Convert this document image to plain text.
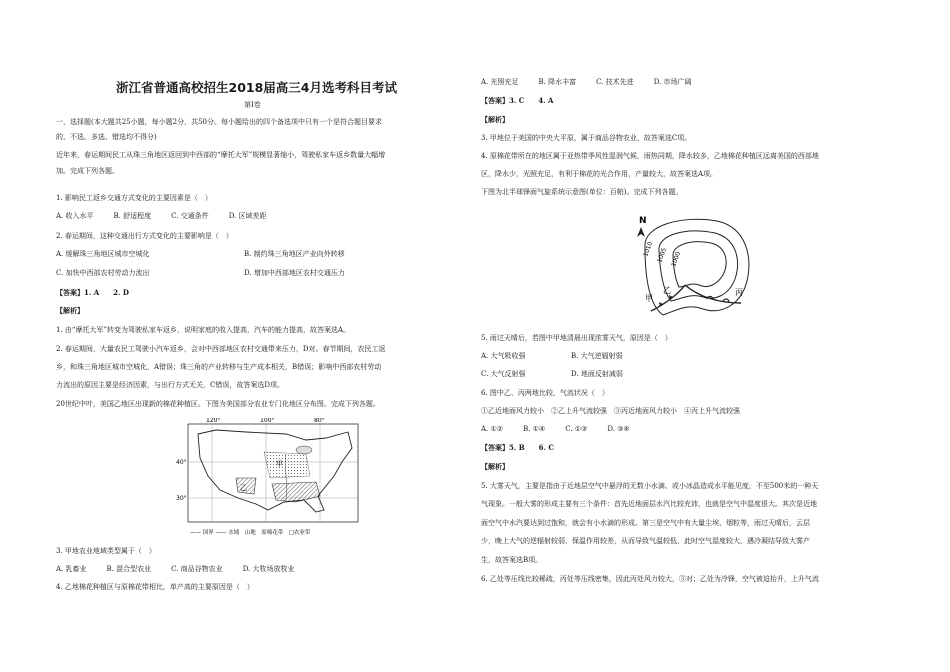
浙江省普通高校招生2018届高三4月选考科目考试
第Ⅰ卷
一、选择题(本大题共25小题，每小题2分，共50分。每小题给出的四个备选项中只有一个是符合题目要求
的，不选、多选、错选均不得分)
近年来，春运期间民工从珠三角地区返回到中西部的“摩托大军”规模显著缩小，驾驶私家车返乡数量大幅增
加。完成下列各题。
1. 影响民工返乡交通方式变化的主要因素是（　）
A. 收入水平	B. 舒适程度	C. 交通条件	D. 区域差距
2. 春运期间，这种交通出行方式变化的主要影响是（　）
A. 缓解珠三角地区城市空城化	B. 制约珠三角地区产业向外转移
C. 加快中西部农村劳动力流出	D. 增加中西部地区农村交通压力
【答案】1. A　　2. D
【解析】
1. 由“摩托大军”转变为驾驶私家车返乡，说明家庭的收入提高，汽车的能力提高，故答案选A。
2. 春运期间，大量农民工驾驶小汽车返乡，会对中西部地区农村交通带来压力，D对。春节期间，农民工返
乡，和珠三角地区城市空城化，A错误；珠三角的产业转移与生产成本相关，B错误；影响中西部农村劳动
力流出的原因主要是经济因素，与出行方式无关，C错误，故答案选D项。
20世纪中叶，美国乙地区出现新的棉花种植区。下图为美国部分农业专门化地区分布图。完成下列各题。
120°	100°	80°
40°
30°
甲
乙
—— 国界 —— 水域　山地　原棉花带　□农业带
3. 甲地农业地域类型属于（　）
A. 乳畜业	B. 混合型农业	C. 商品谷物农业	D. 大牧场放牧业
4. 乙地棉花种植区与原棉花带相比，单产高的主要原因是（　）
A. 光照充足	B. 降水丰富	C. 技术先进	D. 市场广阔
【答案】3. C　　4. A
【解析】
3. 甲地位于美国的中央大平原，属于商品谷物农业，故答案选C项。
4. 原棉花带所在的地区属于亚热带季风性湿润气候，雨热同期，降水较多，乙地棉花种植区远离美国的西部地
区，降水少，光照充足，有利于棉花的光合作用，产量较大，故答案选A项。
下图为北半球锋面气旋系统示意图(单位：百帕)。完成下列各题。
N
1010 1005 1000
甲
乙	丙
5. 雨过天晴后，若图中甲地清晨出现浓雾天气，原因是（　）
A. 大气吸收强	B. 大气逆辐射弱
C. 大气反射强	D. 地面反射减弱
6. 图中乙、丙两地比较，气流状况（　）
①乙近地面风力较小　②乙上升气流较强　③丙近地面风力较小　④丙上升气流较强
A. ①②	B. ①④	C. ①③	D. ③④
【答案】5. B　　6. C
【解析】
5. 大雾天气，主要是指由于近地层空气中悬浮的无数小水滴、或小冰晶造成水平能见度，不至500米的一种天
气现象。一般大雾的形成主要有三个条件：首先近地面层水汽比较充沛，也就是空气中湿度很大。其次是近地
面空气中水汽要达到过饱和，就会有小水滴的形成。第三是空气中有大量尘埃、烟粒等，雨过天晴后，云层
少，晚上大气的逆辐射较弱，保温作用较差，从而导致气温较低，此时空气湿度较大，遇冷凝结导致大雾产
生，故答案选B项。
6. 乙处等压线比较稀疏，丙处等压线密集，因此丙处风力较大，③对；乙处为冷锋，空气被迫抬升，上升气流
